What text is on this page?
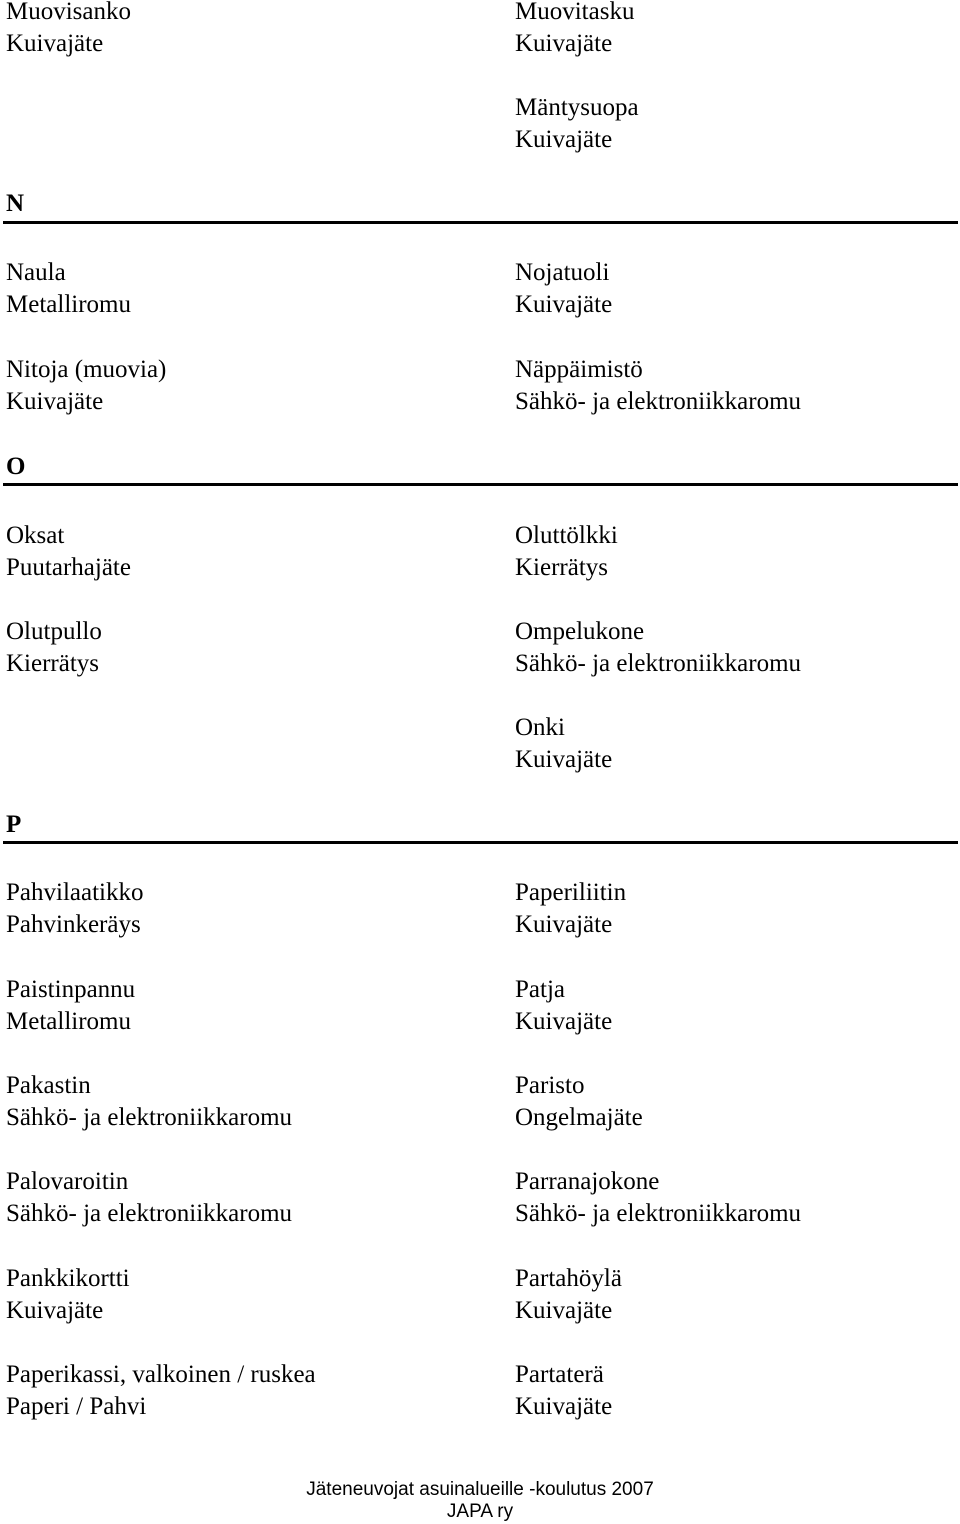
Muovisanko
Kuivajäte
Muovitasku
Kuivajäte
Mäntysuopa
Kuivajäte
N
Naula
Metalliromu
Nitoja (muovia)
Kuivajäte
Nojatuoli
Kuivajäte
Näppäimistö
Sähkö- ja elektroniikkaromu
O
Oksat
Puutarhajäte
Olutpullo
Kierrätys
Oluttölkki
Kierrätys
Ompelukone
Sähkö- ja elektroniikkaromu
Onki
Kuivajäte
P
Pahvilaatikko
Pahvinkeräys
Paistinpannu
Metalliromu
Pakastin
Sähkö- ja elektroniikkaromu
Palovaroitin
Sähkö- ja elektroniikkaromu
Pankkikortti
Kuivajäte
Paperikassi, valkoinen / ruskea
Paperi / Pahvi
Paperiliitin
Kuivajäte
Patja
Kuivajäte
Paristo
Ongelmajäte
Parranajokone
Sähkö- ja elektroniikkaromu
Partahöylä
Kuivajäte
Partaterä
Kuivajäte
Jäteneuvojat asuinalueille -koulutus 2007
JAPA ry
